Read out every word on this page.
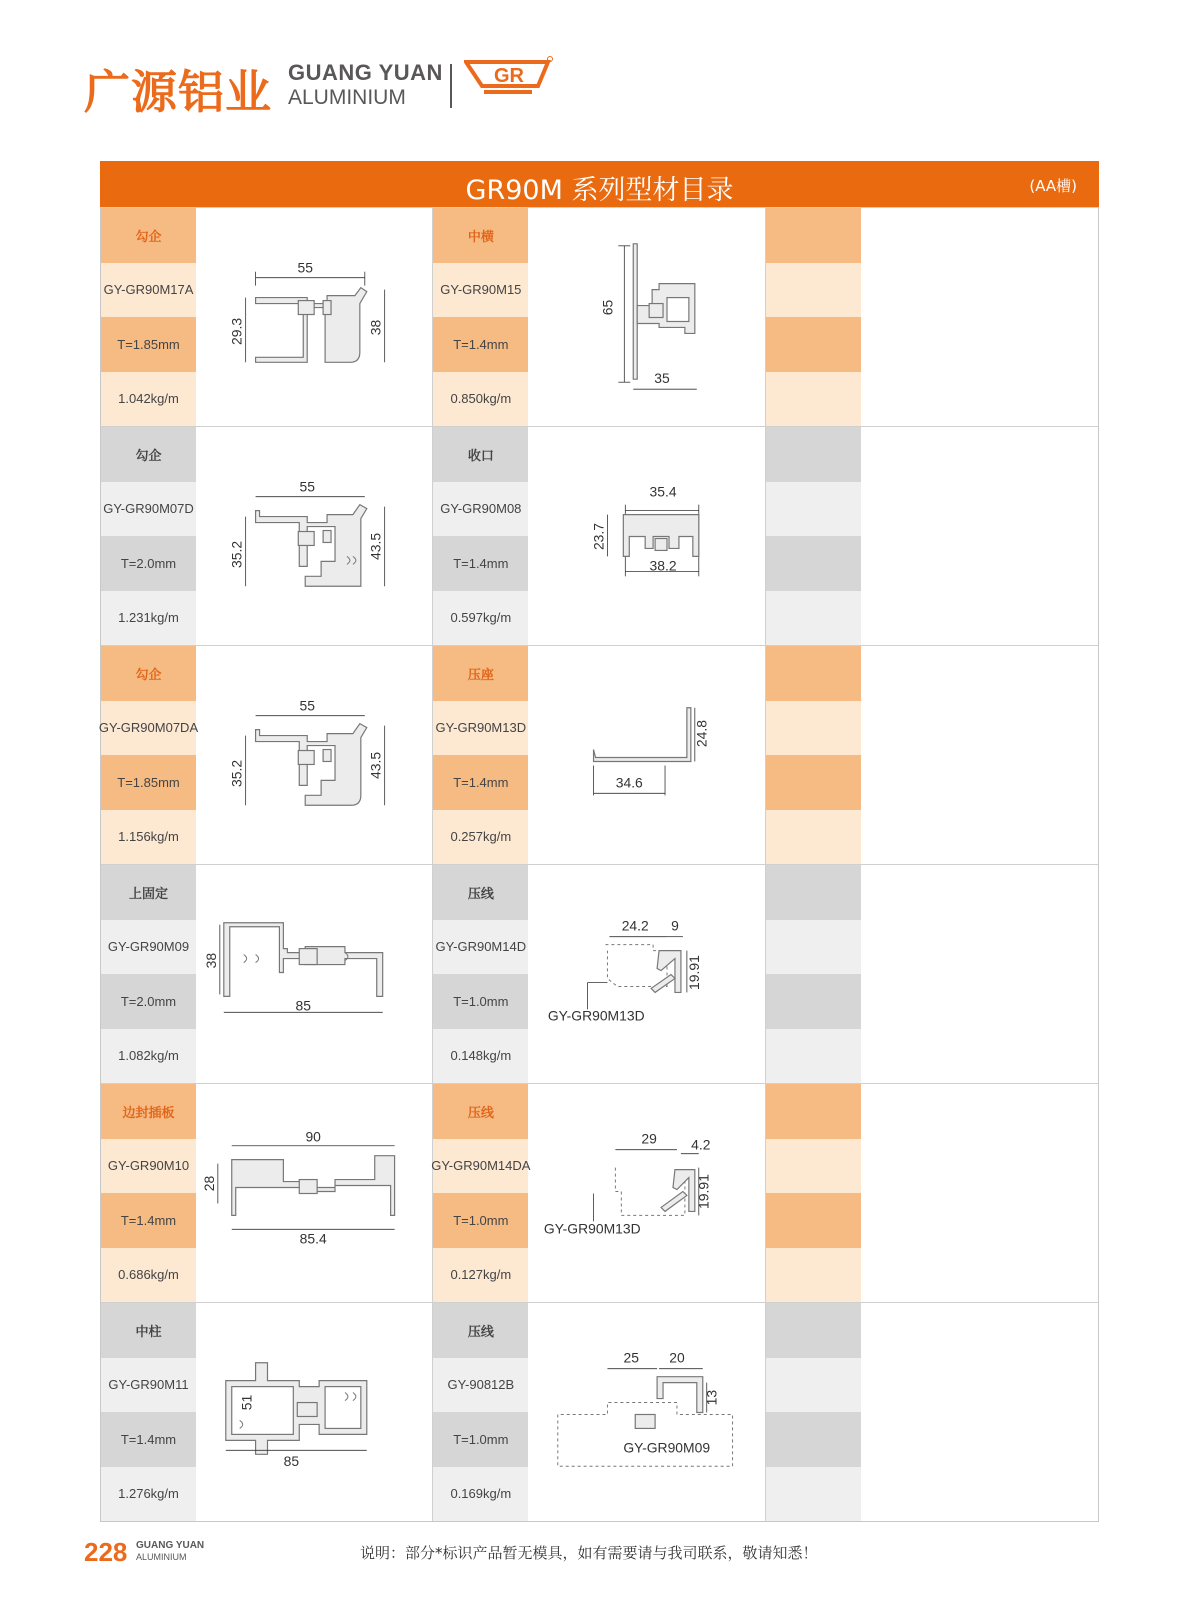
广源铝业 GUANG YUAN
ALUMINIUM
GR
GR90M 系列型材目录	(AA槽)
勾企
GY-GR90M17A
T=1.85mm
1.042kg/m
55
29.3	38
中横
GY-GR90M15
T=1.4mm
0.850kg/m
65
35
勾企
GY-GR90M07D
T=2.0mm
1.231kg/m
55
35.2	43.5
收口
GY-GR90M08
T=1.4mm
0.597kg/m
35.4
23.7
38.2
勾企
GY-GR90M07DA
T=1.85mm
1.156kg/m
55
35.2	43.5
压座
GY-GR90M13D
T=1.4mm
0.257kg/m
24.8
34.6
上固定
GY-GR90M09
T=2.0mm
1.082kg/m
38
85
压线
GY-GR90M14D
T=1.0mm
0.148kg/m
24.2 9
19.91
GY-GR90M13D
边封插板
GY-GR90M10
T=1.4mm
0.686kg/m
90
28
85.4
压线
GY-GR90M14DA
T=1.0mm
0.127kg/m
29 4.2
19.91
GY-GR90M13D
中柱
GY-GR90M11
T=1.4mm
1.276kg/m
51
85
压线
GY-90812B
T=1.0mm
0.169kg/m
25 20
13
GY-GR90M09
228 GUANG YUAN
ALUMINIUM	说明：部分*标识产品暂无模具，如有需要请与我司联系，敬请知悉！
